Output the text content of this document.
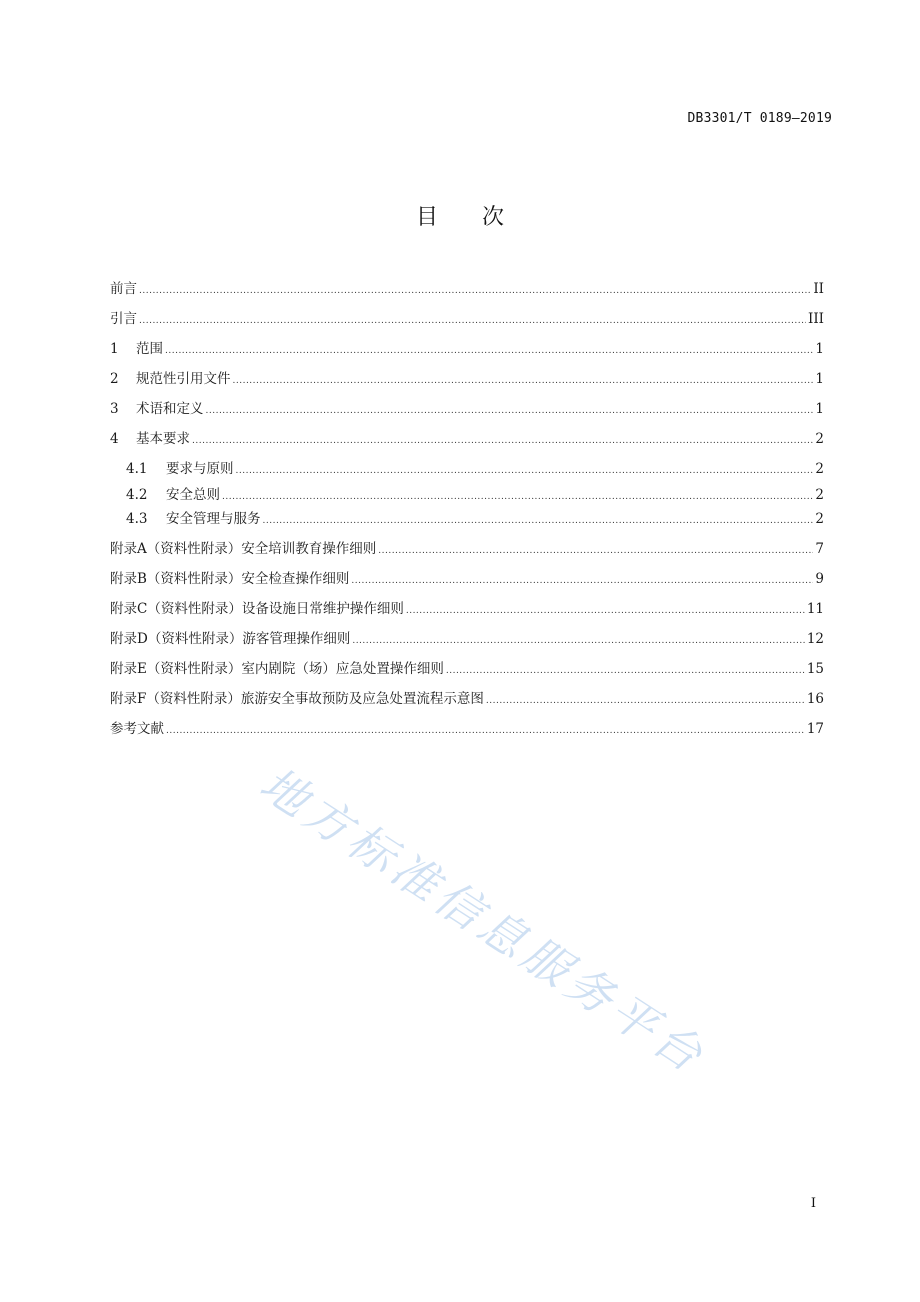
DB3301/T 0189—2019
目次
前言 .....	II
引言 .....	III
1	范围 .....	1
2	规范性引用文件 .....	1
3	术语和定义 .....	1
4	基本要求 .....	2
4.1	要求与原则 .....	2
4.2	安全总则 .....	2
4.3	安全管理与服务 .....	2
附录A（资料性附录） 安全培训教育操作细则 .....	7
附录B（资料性附录） 安全检查操作细则 .....	9
附录C（资料性附录） 设备设施日常维护操作细则 .....	11
附录D（资料性附录） 游客管理操作细则 .....	12
附录E（资料性附录） 室内剧院（场）应急处置操作细则 .....	15
附录F（资料性附录） 旅游安全事故预防及应急处置流程示意图 .....	16
参考文献 .....	17
地方标准信息服务平台
I
